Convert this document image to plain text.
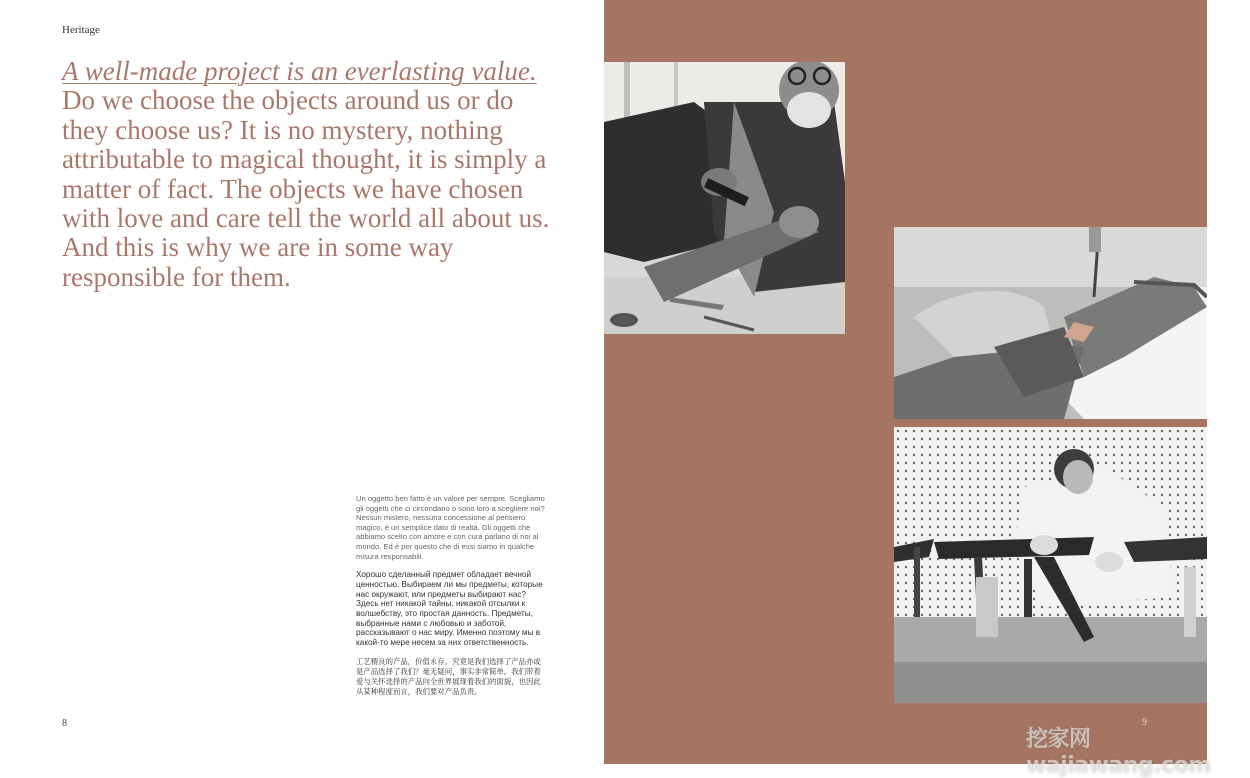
Heritage
A well-made project is an everlasting value. Do we choose the objects around us or do they choose us? It is no mystery, nothing attributable to magical thought, it is simply a matter of fact. The objects we have chosen with love and care tell the world all about us. And this is why we are in some way responsible for them.

Un oggetto ben fatto è un valore per sempre. Scegliamo gli oggetti che ci circondano o sono loro a sceglierе noi? Nessun mistero, nessuna concessione al pensiero magico, è un semplice dato di realtà. Gli oggetti che abbiamo scelto con amore e con cura parlano di noi al mondo. Ed è per questo che di essi siamo in qualche misura responsabili.

Хорошо сделанный предмет обладает вечной ценностью. Выбираем ли мы предметы, которые нас окружают, или предметы выбирают нас? Здесь нет никакой тайны, никакой отсылки к волшебству, это простая данность. Предметы, выбранные нами с любовью и заботой, рассказывают о нас миру. Именно поэтому мы в какой-то мере несем за них ответственность.

工艺精良的产品，价值永存。究竟是我们选择了产品亦或是产品选择了我们？毫无疑问，事实非常简单。我们带着爱与关怀选择的产品向全世界展现着我们的面貌，也因此从某种程度而言，我们要对产品负责。

8	9
挖家网 wajiawang.com
